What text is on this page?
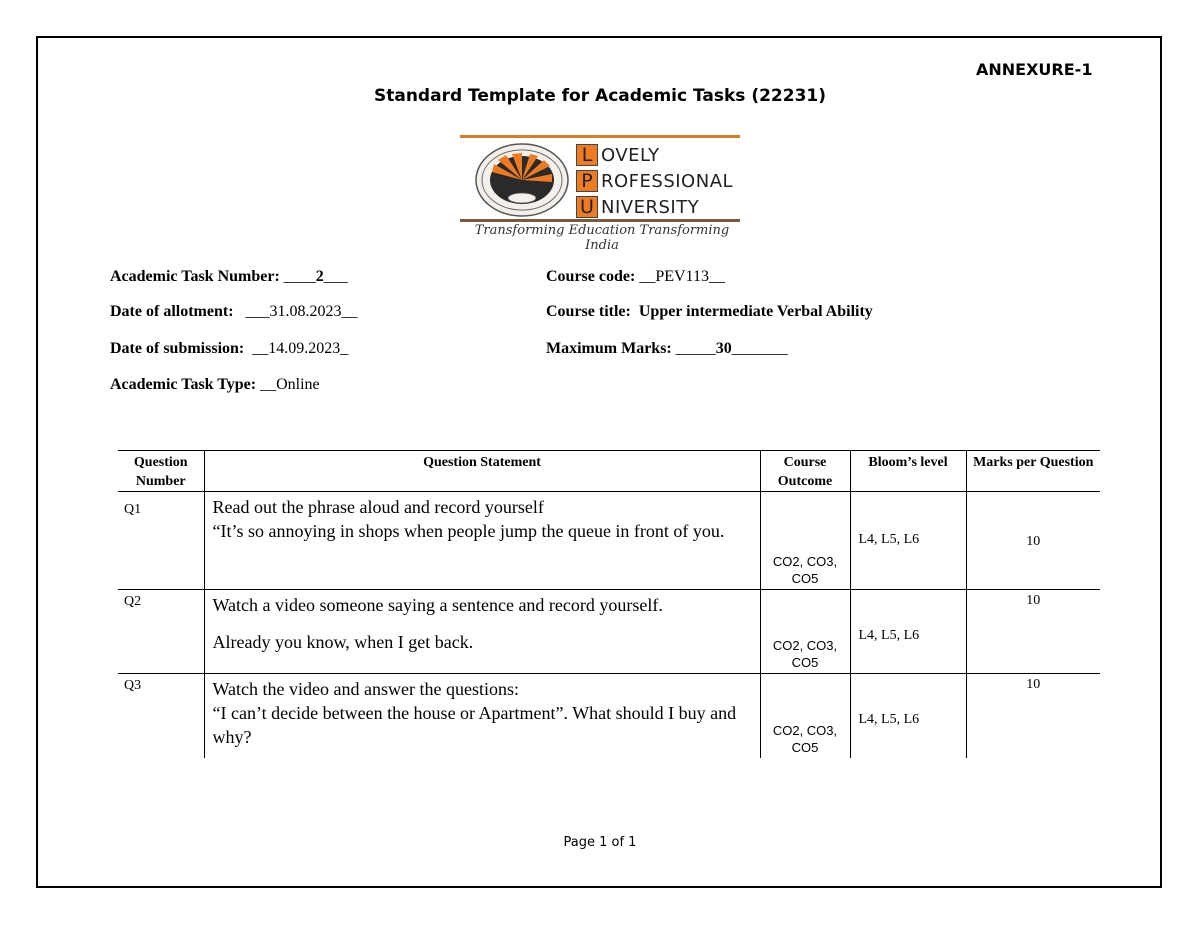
ANNEXURE-1
Standard Template for Academic Tasks (22231)
L OVELY
P ROFESSIONAL
U NIVERSITY
Transforming Education Transforming India
Academic Task Number: ____2___
Date of allotment:   ___31.08.2023__
Date of submission:  __14.09.2023_
Academic Task Type: __Online
Course code: __PEV113__
Course title: Upper intermediate Verbal Ability
Maximum Marks: _____30_______
Question Number	Question Statement	Course Outcome	Bloom’s level	Marks per Question
Q1	Read out the phrase aloud and record yourself

“It’s so annoying in shops when people jump the queue in front of you.	CO2, CO3, CO5	L4, L5, L6	10
Q2	Watch a video someone saying a sentence and record yourself.

Already you know, when I get back.	CO2, CO3, CO5	L4, L5, L6	10
Q3	Watch the video and answer the questions:

“I can’t decide between the house or Apartment”. What should I buy and why?	CO2, CO3, CO5	L4, L5, L6	10
Page 1 of 1
